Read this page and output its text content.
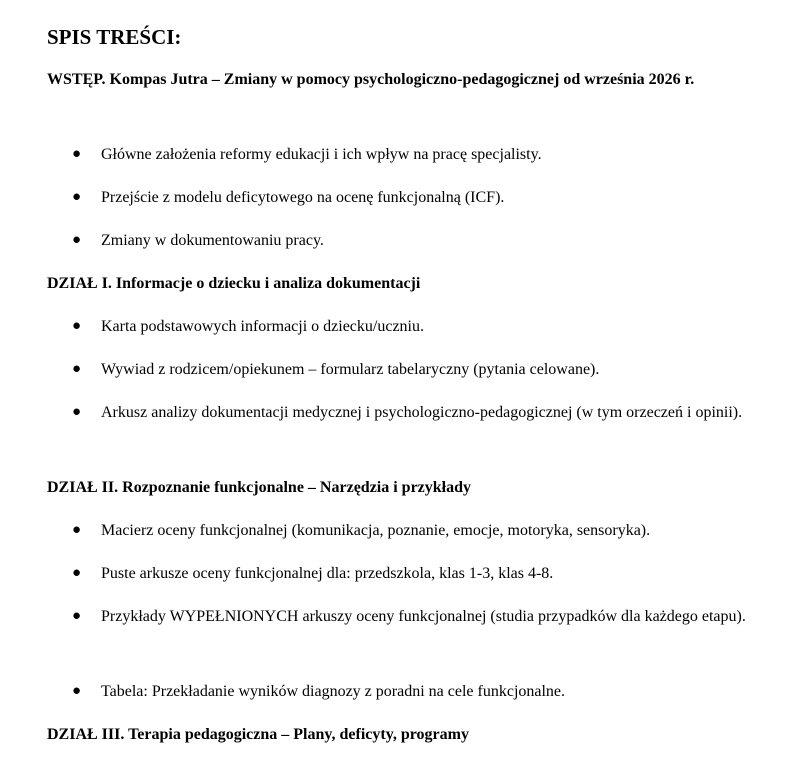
SPIS TREŚCI:

WSTĘP. Kompas Jutra – Zmiany w pomocy psychologiczno-pedagogicznej od września 2026 r.

● Główne założenia reformy edukacji i ich wpływ na pracę specjalisty.

● Przejście z modelu deficytowego na ocenę funkcjonalną (ICF).

● Zmiany w dokumentowaniu pracy.

DZIAŁ I. Informacje o dziecku i analiza dokumentacji

● Karta podstawowych informacji o dziecku/uczniu.

● Wywiad z rodzicem/opiekunem – formularz tabelaryczny (pytania celowane).

● Arkusz analizy dokumentacji medycznej i psychologiczno-pedagogicznej (w tym orzeczeń i opinii).

DZIAŁ II. Rozpoznanie funkcjonalne – Narzędzia i przykłady

● Macierz oceny funkcjonalnej (komunikacja, poznanie, emocje, motoryka, sensoryka).

● Puste arkusze oceny funkcjonalnej dla: przedszkola, klas 1-3, klas 4-8.

● Przykłady WYPEŁNIONYCH arkuszy oceny funkcjonalnej (studia przypadków dla każdego etapu).

● Tabela: Przekładanie wyników diagnozy z poradni na cele funkcjonalne.

DZIAŁ III. Terapia pedagogiczna – Plany, deficyty, programy
